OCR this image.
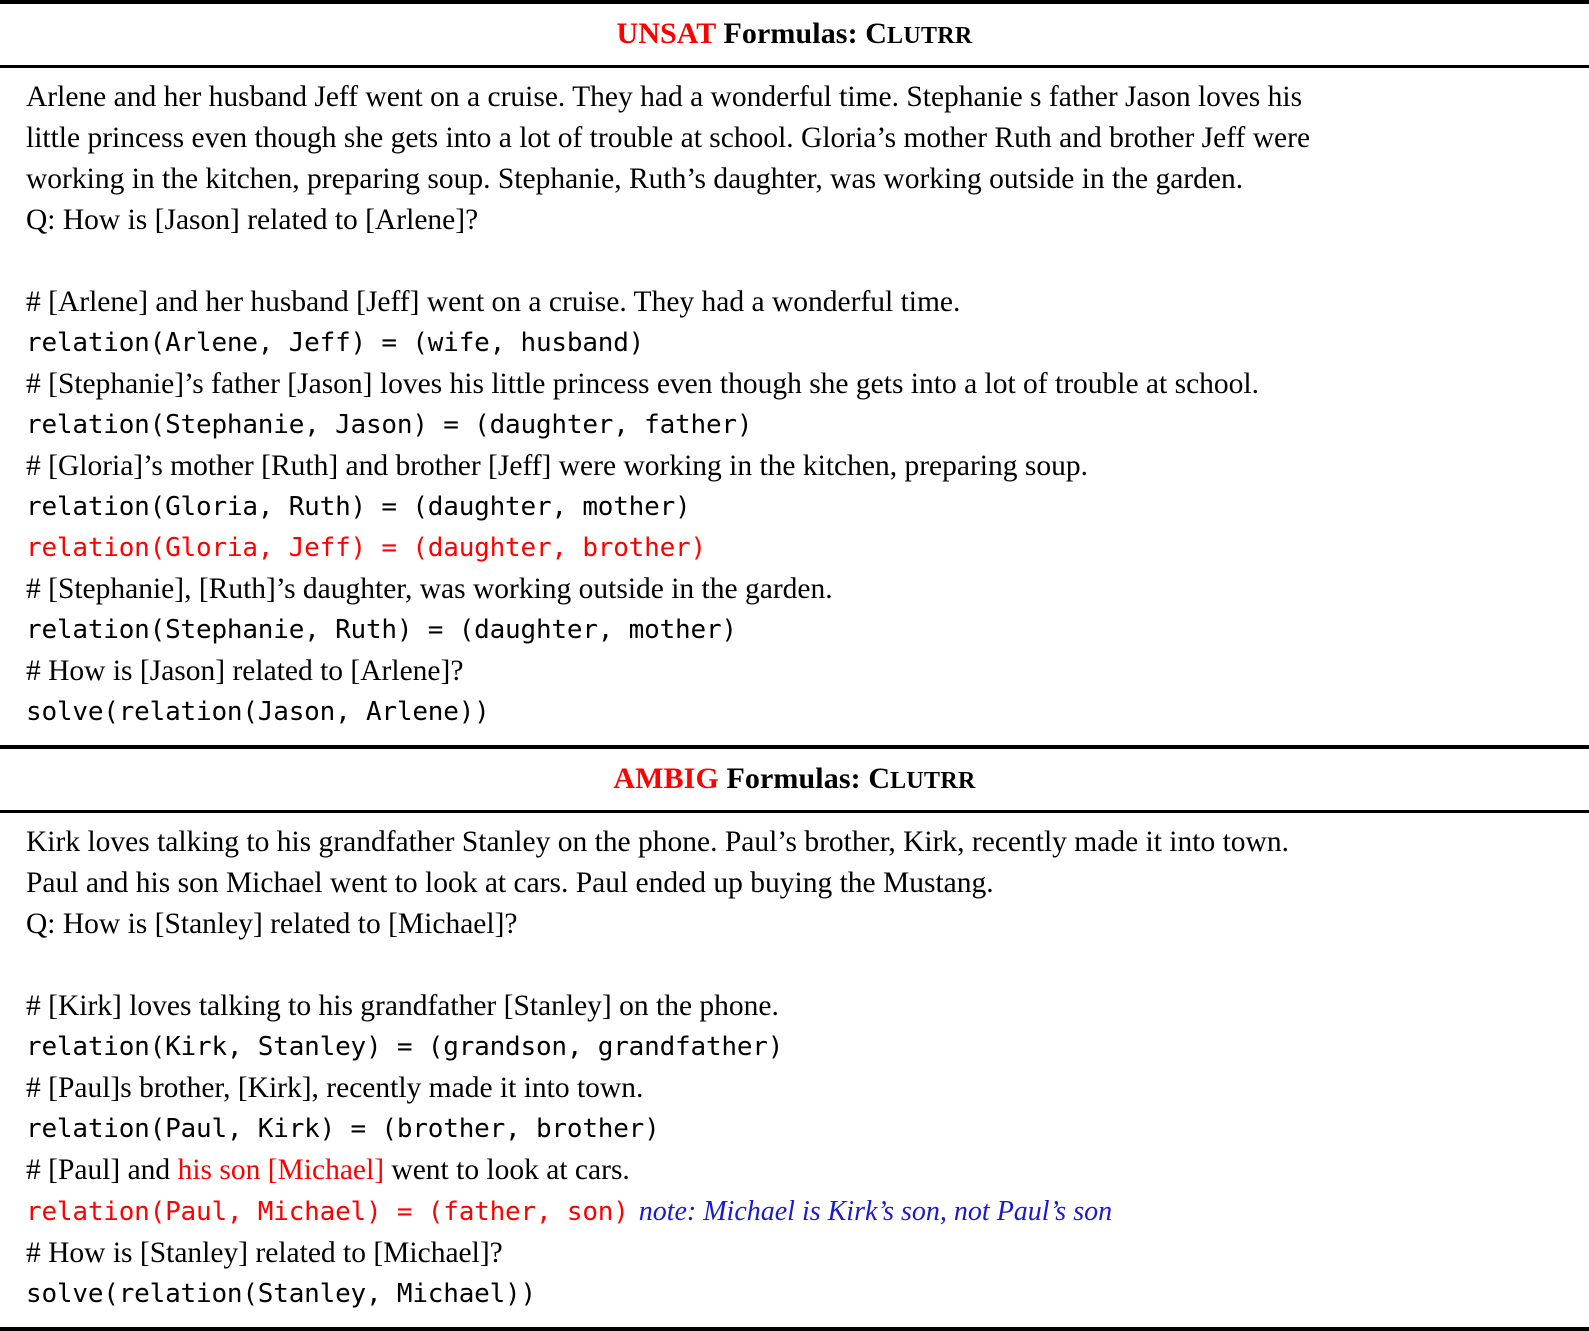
UNSAT Formulas: CLUTRR
Arlene and her husband Jeff went on a cruise. They had a wonderful time. Stephanie s father Jason loves his
little princess even though she gets into a lot of trouble at school. Gloria’s mother Ruth and brother Jeff were
working in the kitchen, preparing soup. Stephanie, Ruth’s daughter, was working outside in the garden.
Q: How is [Jason] related to [Arlene]?
# [Arlene] and her husband [Jeff] went on a cruise. They had a wonderful time.
relation(Arlene, Jeff) = (wife, husband)
# [Stephanie]’s father [Jason] loves his little princess even though she gets into a lot of trouble at school.
relation(Stephanie, Jason) = (daughter, father)
# [Gloria]’s mother [Ruth] and brother [Jeff] were working in the kitchen, preparing soup.
relation(Gloria, Ruth) = (daughter, mother)
relation(Gloria, Jeff) = (daughter, brother)
# [Stephanie], [Ruth]’s daughter, was working outside in the garden.
relation(Stephanie, Ruth) = (daughter, mother)
# How is [Jason] related to [Arlene]?
solve(relation(Jason, Arlene))
AMBIG Formulas: CLUTRR
Kirk loves talking to his grandfather Stanley on the phone. Paul’s brother, Kirk, recently made it into town.
Paul and his son Michael went to look at cars. Paul ended up buying the Mustang.
Q: How is [Stanley] related to [Michael]?
# [Kirk] loves talking to his grandfather [Stanley] on the phone.
relation(Kirk, Stanley) = (grandson, grandfather)
# [Paul]s brother, [Kirk], recently made it into town.
relation(Paul, Kirk) = (brother, brother)
# [Paul] and his son [Michael] went to look at cars.
relation(Paul, Michael) = (father, son) note: Michael is Kirk’s son, not Paul’s son
# How is [Stanley] related to [Michael]?
solve(relation(Stanley, Michael))
